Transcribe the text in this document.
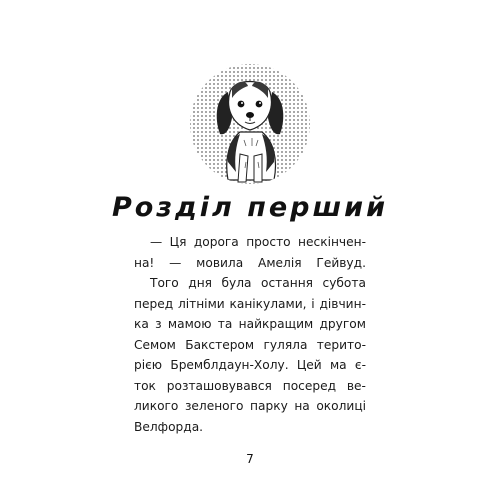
Розділ перший
— Ця дорога просто нескінчен-
на! — мовила Амелія Гейвуд.
Того дня була остання субота
перед літніми канікулами, і дівчин-
ка з мамою та найкращим другом
Семом Бакстером гуляла терито-
рією Бремблдаун-Холу. Цей ма є-
ток розташовувався посеред ве-
ликого зеленого парку на околиці
Велфорда.
7
